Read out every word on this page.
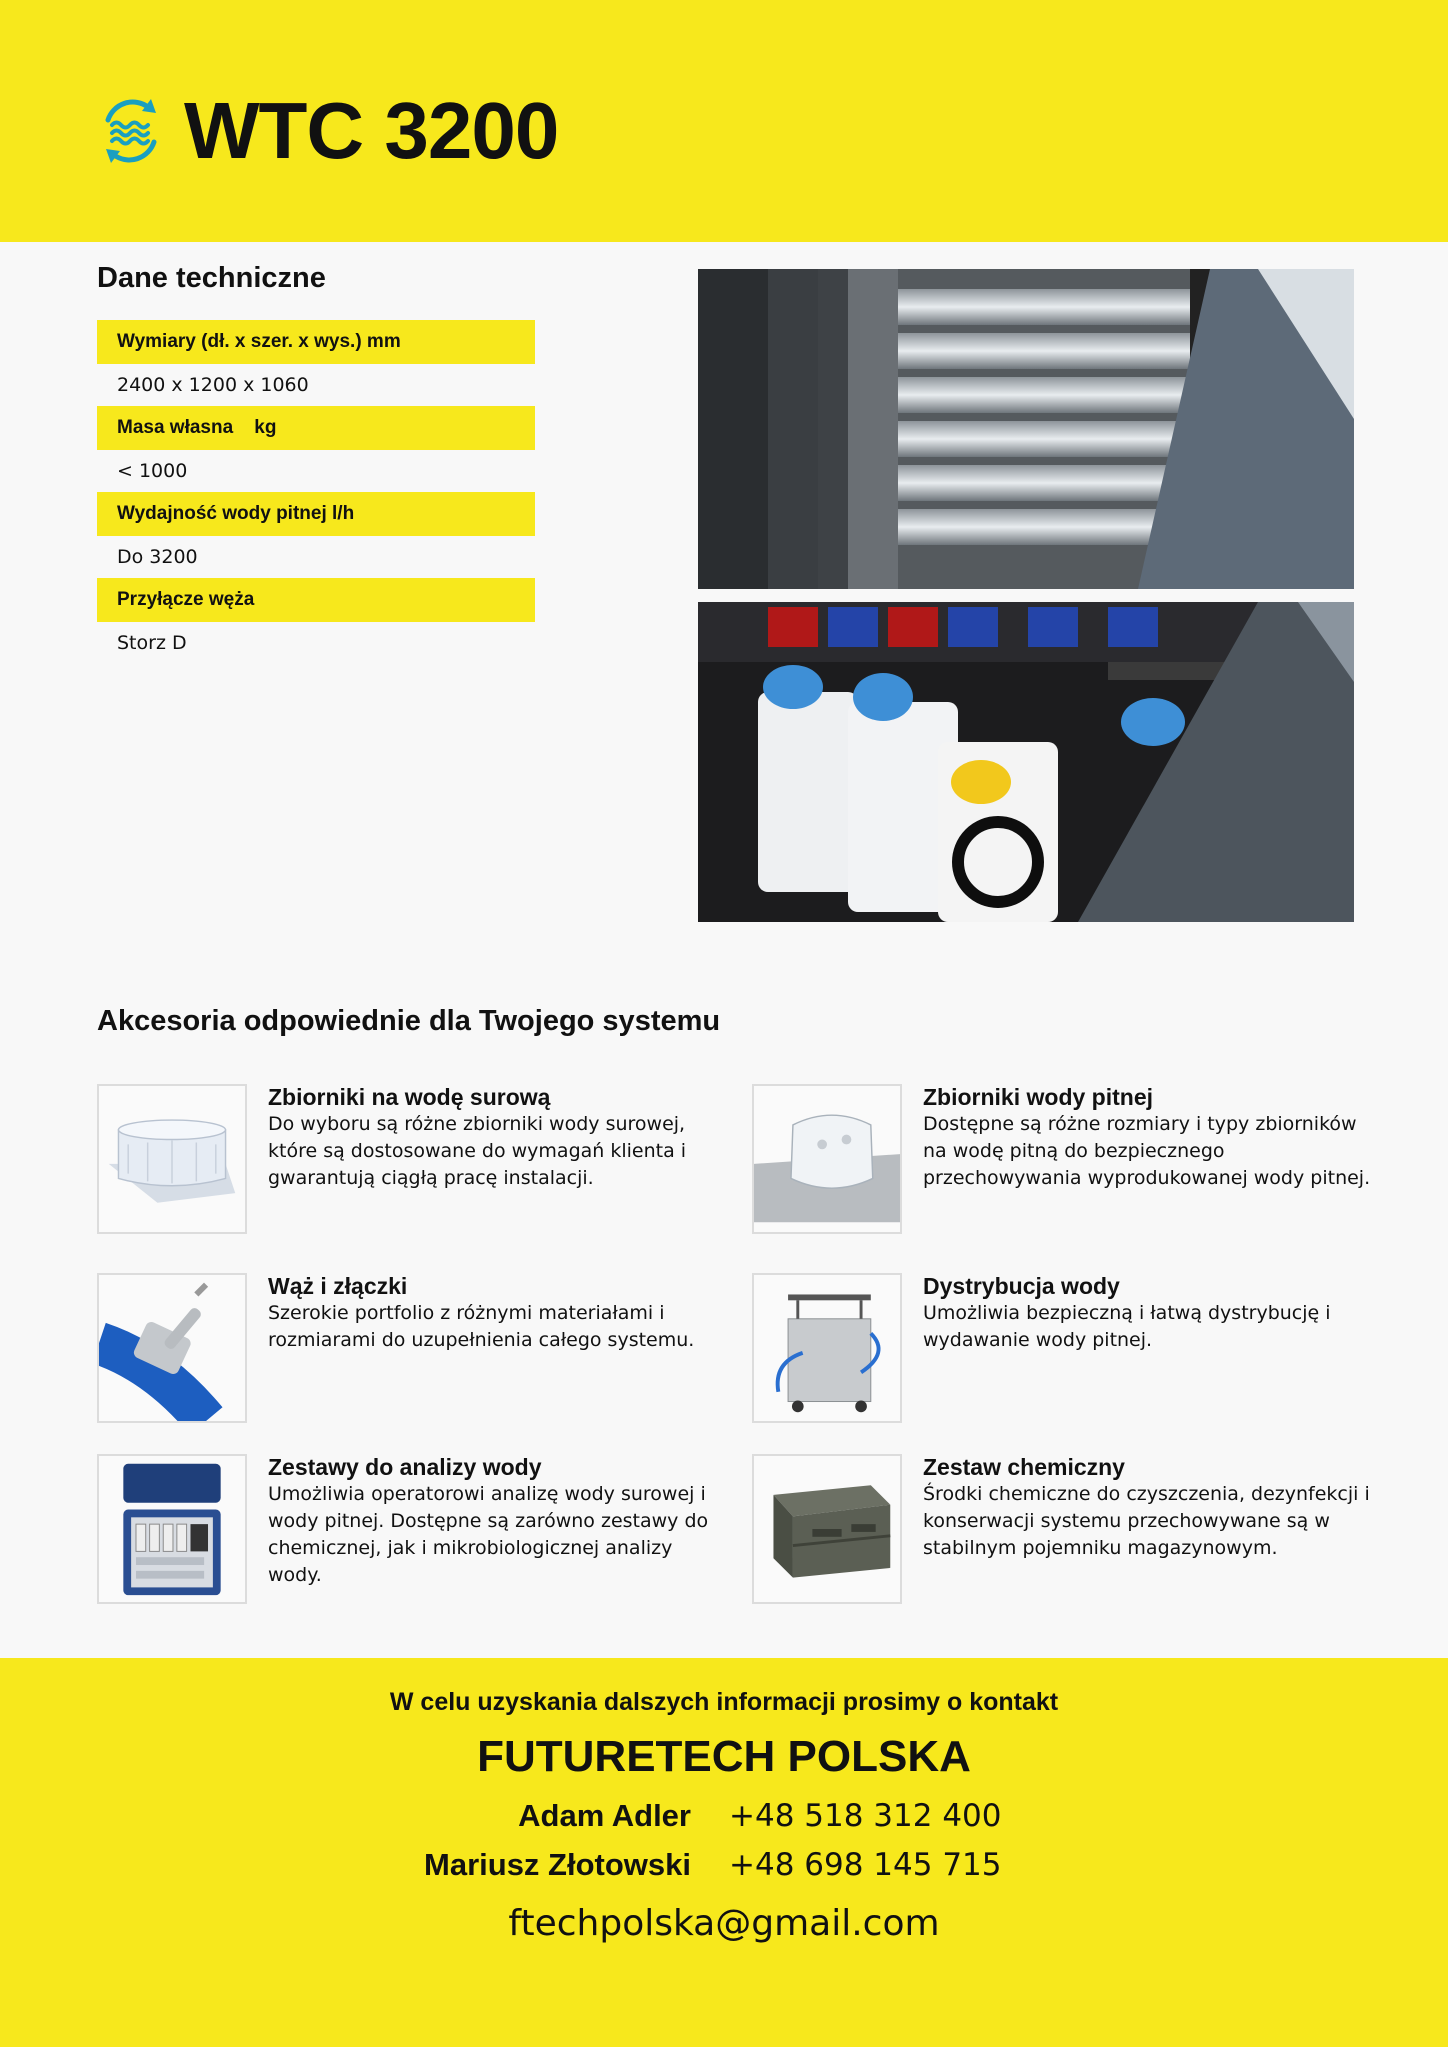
WTC 3200
Dane techniczne
Wymiary (dł. x szer. x wys.) mm
2400 x 1200 x 1060
Masa własna    kg
< 1000
Wydajność wody pitnej l/h
Do 3200
Przyłącze węża
Storz D
Akcesoria odpowiednie dla Twojego systemu
Zbiorniki na wodę surową
Do wyboru są różne zbiorniki wody surowej, które są dostosowane do wymagań klienta i gwarantują ciągłą pracę instalacji.
Zbiorniki wody pitnej
Dostępne są różne rozmiary i typy zbiorników na wodę pitną do bezpiecznego przechowywania wyprodukowanej wody pitnej.
Wąż i złączki
Szerokie portfolio z różnymi materiałami i rozmiarami do uzupełnienia całego systemu.
Dystrybucja wody
Umożliwia bezpieczną i łatwą dystrybucję i wydawanie wody pitnej.
Zestawy do analizy wody
Umożliwia operatorowi analizę wody surowej i wody pitnej. Dostępne są zarówno zestawy do chemicznej, jak i mikrobiologicznej analizy wody.
Zestaw chemiczny
Środki chemiczne do czyszczenia, dezynfekcji i konserwacji systemu przechowywane są w stabilnym pojemniku magazynowym.
W celu uzyskania dalszych informacji prosimy o kontakt
FUTURETECH POLSKA
Adam Adler +48 518 312 400
Mariusz Złotowski +48 698 145 715
ftechpolska@gmail.com
